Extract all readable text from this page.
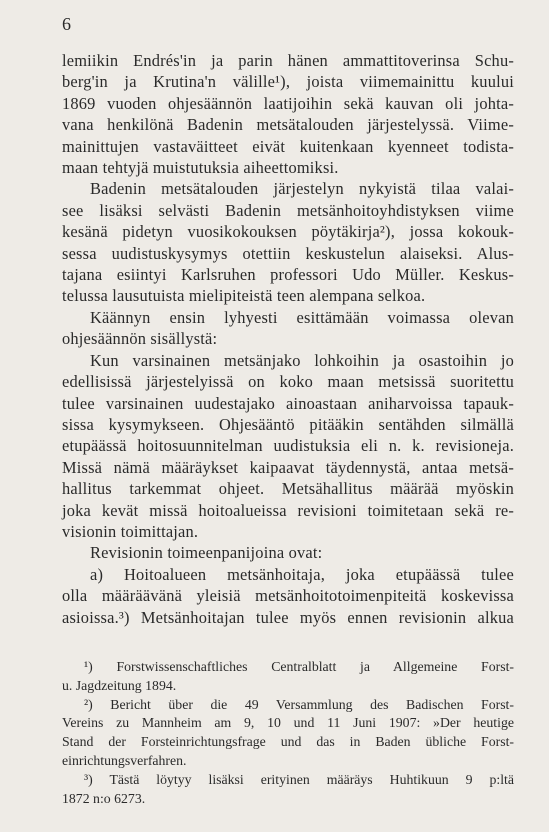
6
lemiikin Endrés'in ja parin hänen ammattitoverinsa Schu-
berg'in ja Krutina'n välille¹), joista viimemainittu kuului
1869 vuoden ohjesäännön laatijoihin sekä kauvan oli johta-
vana henkilönä Badenin metsätalouden järjestelyssä. Viime-
mainittujen vastaväitteet eivät kuitenkaan kyenneet todista-
maan tehtyjä muistutuksia aiheettomiksi.
Badenin metsätalouden järjestelyn nykyistä tilaa valai-
see lisäksi selvästi Badenin metsänhoitoyhdistyksen viime
kesänä pidetyn vuosikokouksen pöytäkirja²), jossa kokouk-
sessa uudistuskysymys otettiin keskustelun alaiseksi. Alus-
tajana esiintyi Karlsruhen professori Udo Müller. Keskus-
telussa lausutuista mielipiteistä teen alempana selkoa.
Käännyn ensin lyhyesti esittämään voimassa olevan
ohjesäännön sisällystä:
Kun varsinainen metsänjako lohkoihin ja osastoihin jo
edellisissä järjestelyissä on koko maan metsissä suoritettu
tulee varsinainen uudestajako ainoastaan aniharvoissa tapauk-
sissa kysymykseen. Ohjesääntö pitääkin sentähden silmällä
etupäässä hoitosuunnitelman uudistuksia eli n. k. revisioneja.
Missä nämä määräykset kaipaavat täydennystä, antaa metsä-
hallitus tarkemmat ohjeet. Metsähallitus määrää myöskin
joka kevät missä hoitoalueissa revisioni toimitetaan sekä re-
visionin toimittajan.
Revisionin toimeenpanijoina ovat:
a) Hoitoalueen metsänhoitaja, joka etupäässä tulee
olla määräävänä yleisiä metsänhoitotoimenpiteitä koskevissa
asioissa.³) Metsänhoitajan tulee myös ennen revisionin alkua
¹) Forstwissenschaftliches Centralblatt ja Allgemeine Forst-
u. Jagdzeitung 1894.
²) Bericht über die 49 Versammlung des Badischen Forst-
Vereins zu Mannheim am 9, 10 und 11 Juni 1907: »Der heutige
Stand der Forsteinrichtungsfrage und das in Baden übliche Forst-
einrichtungsverfahren.
³) Tästä löytyy lisäksi erityinen määräys Huhtikuun 9 p:ltä
1872 n:o 6273.
